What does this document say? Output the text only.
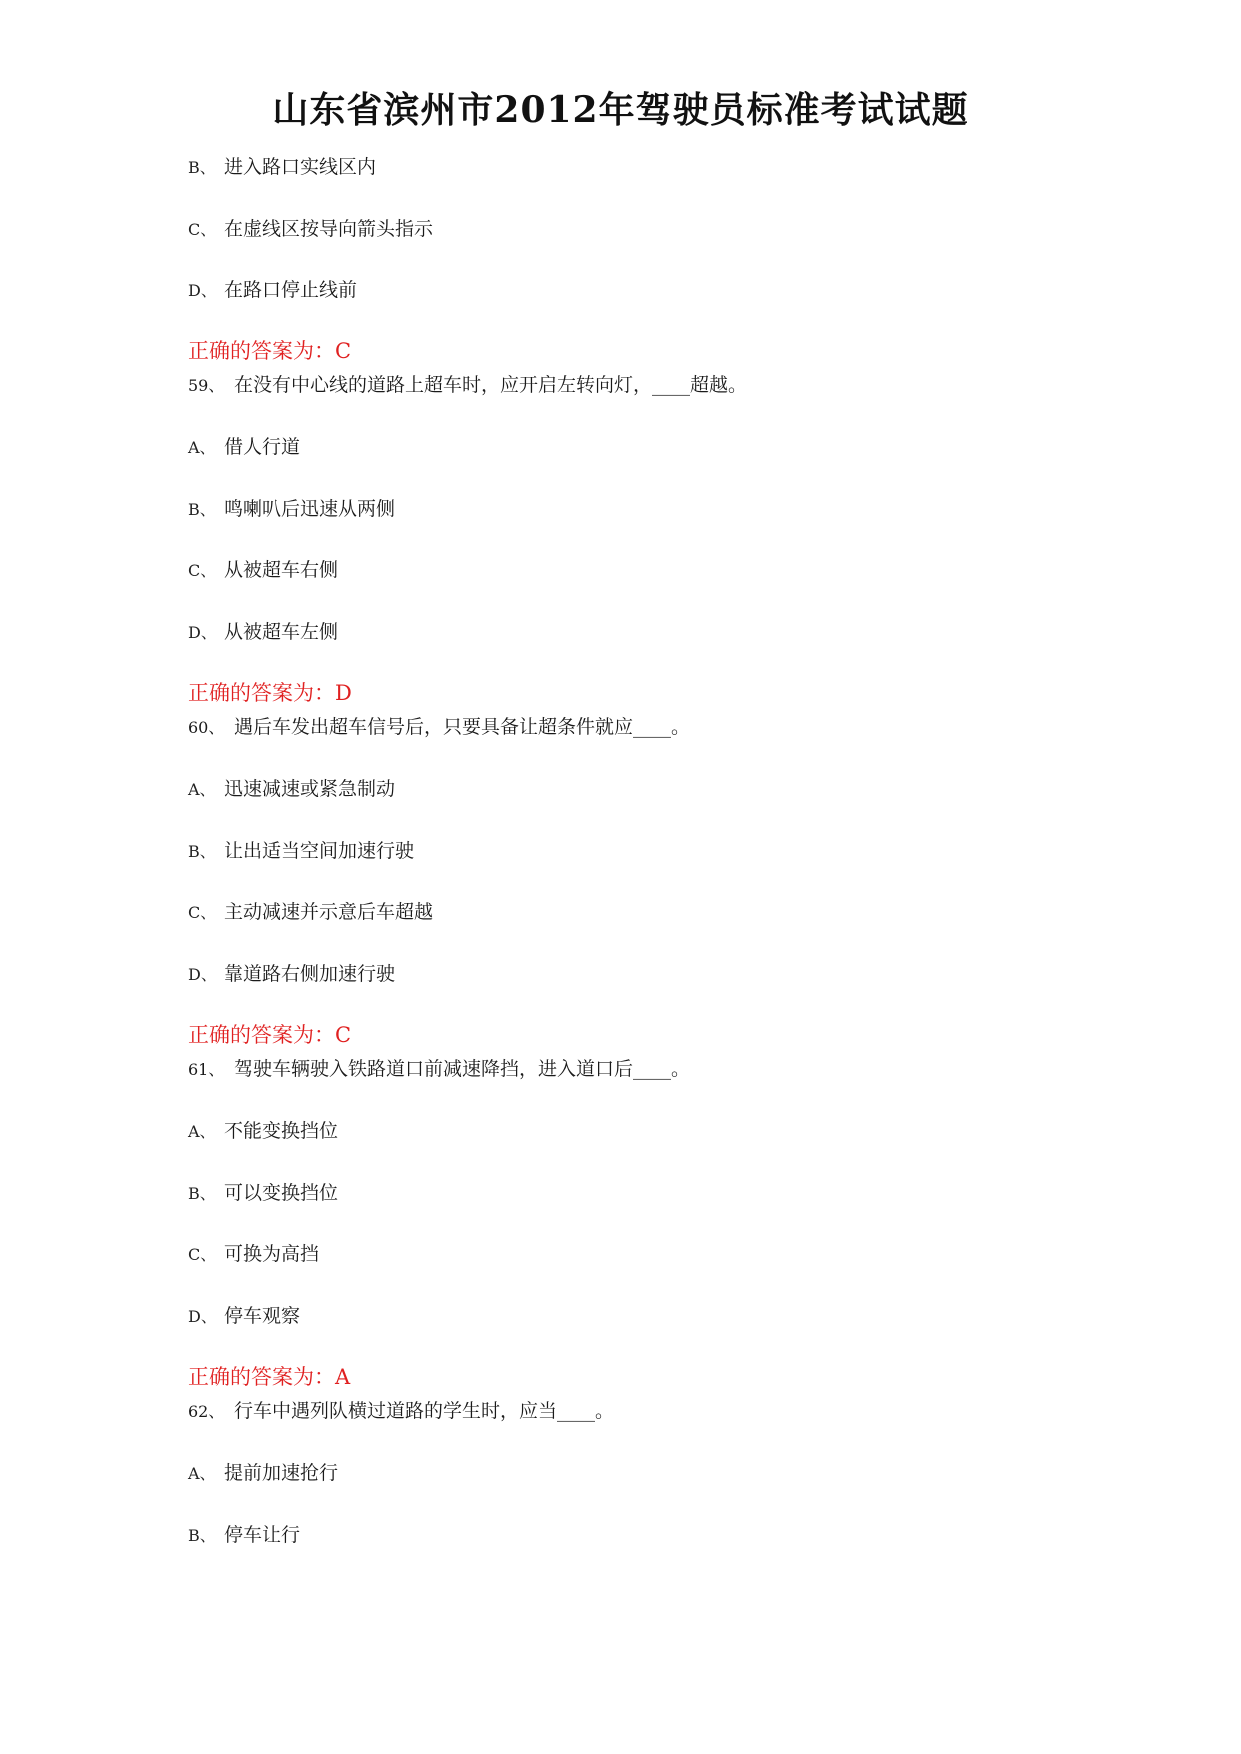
山东省滨州市2012年驾驶员标准考试试题
B、 进入路口实线区内
C、 在虚线区按导向箭头指示
D、 在路口停止线前
正确的答案为：C
59、 在没有中心线的道路上超车时，应开启左转向灯，____超越。
A、 借人行道
B、 鸣喇叭后迅速从两侧
C、 从被超车右侧
D、 从被超车左侧
正确的答案为：D
60、 遇后车发出超车信号后，只要具备让超条件就应____。
A、 迅速减速或紧急制动
B、 让出适当空间加速行驶
C、 主动减速并示意后车超越
D、 靠道路右侧加速行驶
正确的答案为：C
61、 驾驶车辆驶入铁路道口前减速降挡，进入道口后____。
A、 不能变换挡位
B、 可以变换挡位
C、 可换为高挡
D、 停车观察
正确的答案为：A
62、 行车中遇列队横过道路的学生时，应当____。
A、 提前加速抢行
B、 停车让行
